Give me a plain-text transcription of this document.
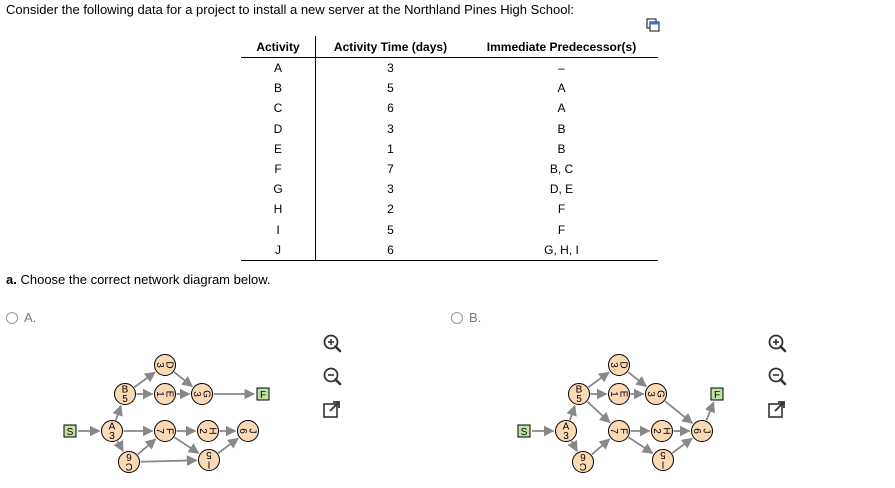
Consider the following data for a project to install a new server at the Northland Pines High School:
Activity	Activity Time (days)	Immediate Predecessor(s)
A	3	–
B	5	A
C	6	A
D	3	B
E	1	B
F	7	B, C
G	3	D, E
H	2	F
I	5	F
J	6	G, H, I
a. Choose the correct network diagram below.
A.	B.
A
3
B
5
C
6
D
3
E
1
F
7
G
3
H
2
I
5
J
6
S
F
A
3
B
5
C
6
D
3
E
1
F
7
G
3
H
2
I
5
J
6
S
F
